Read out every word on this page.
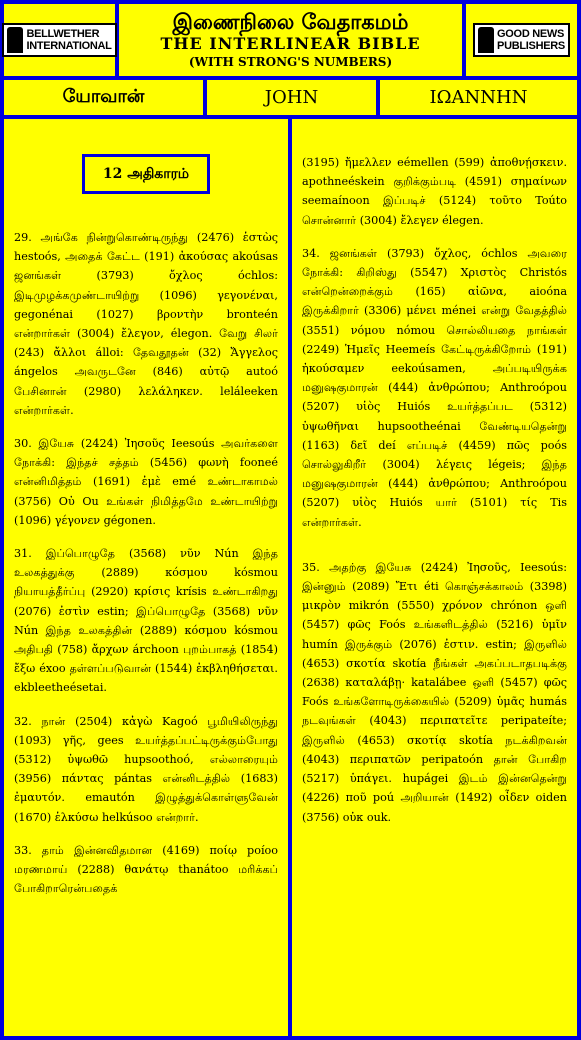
BELLWETHER
INTERNATIONAL
இணைநிலை வேதாகமம்
THE INTERLINEAR BIBLE
(WITH STRONG'S NUMBERS)
GOOD NEWS
PUBLISHERS
யோவான்	JOHN	ΙΩΑΝΝΗΝ
12 அதிகாரம்

29. அங்கே நின்றுகொண்டிருந்து (2476) ἑστὼς hestoós, அதைக் கேட்ட (191) ἀκούσας akoúsas ஜனங்கள் (3793) ὄχλος óchlos: இடிமுழக்கமுண்டாயிற்று (1096) γεγονέναι, gegonénai (1027) βροντὴν bronteén என்றார்கள் (3004) ἔλεγον, élegon. வேறு சிலர் (243) ἄλλοι álloi: தேவதூதன் (32) Ἄγγελος ángelos அவருடனே (846) αὐτῷ autoó பேசினான் (2980) λελάληκεν. leláleeken என்றார்கள்.

30. இயேசு (2424) Ἰησοῦς Ieesoús அவர்களை நோக்கி: இந்தச் சத்தம் (5456) φωνὴ fooneé என்னிமித்தம் (1691) ἐμὲ emé உண்டாகாமல் (3756) Οὐ Ou உங்கள் நிமித்தமே உண்டாயிற்று (1096) γέγονεν gégonen.

31. இப்பொழுதே (3568) νῦν Nún இந்த உலகத்துக்கு (2889) κόσμου kósmou நியாயத்தீர்ப்பு (2920) κρίσις krísis உண்டாகிறது (2076) ἐστὶν estin; இப்பொழுதே (3568) νῦν Nún இந்த உலகத்தின் (2889) κόσμου kósmou அதிபதி (758) ἄρχων árchoon புறம்பாகத் (1854) ἔξω éxoo தள்ளப்படுவான் (1544) ἐκβληθήσεται. ekbleetheésetai.

32. நான் (2504) κἀγὼ Kagoó பூமியிலிருந்து (1093) γῆς, gees உயர்த்தப்பட்டிருக்கும்போது (5312) ὑψωθῶ hupsoothoó, எல்லாரையும் (3956) πάντας pántas என்னிடத்தில் (1683) ἐμαυτόν. emautón இழுத்துக்கொள்ளுவேன் (1670) ἑλκύσω helkúsoo என்றார்.

33. தாம் இன்னவிதமான (4169) ποίῳ poíoo மரணமாய் (2288) θανάτῳ thanátoo மரிக்கப் போகிறாரென்பதைக்

(3195) ἤμελλεν eémellen (599) ἀποθνῄσκειν. apothneéskein குறிக்கும்படி (4591) σημαίνων seemaínoon இப்படிச் (5124) τοῦτο Toúto சொன்னார் (3004) ἔλεγεν élegen.

34. ஜனங்கள் (3793) ὄχλος, óchlos அவரை நோக்கி: கிறிஸ்து (5547) Χριστὸς Christós என்றென்றைக்கும் (165) αἰῶνα, aioóna இருக்கிறார் (3306) μένει ménei என்று வேதத்தில் (3551) νόμου nómou சொல்லியதை நாங்கள் (2249) Ἡμεῖς Heemeís கேட்டிருக்கிறோம் (191) ἠκούσαμεν eekoúsamen, அப்படியிருக்க மனுஷகுமாரன் (444) ἀνθρώπου; Anthroópou (5207) υἱὸς Huiós உயர்த்தப்பட (5312) ὑψωθῆναι hupsootheénai வேண்டியதென்று (1163) δεῖ deí எப்படிச் (4459) πῶς poós சொல்லுகிறீர் (3004) λέγεις légeis; இந்த மனுஷகுமாரன் (444) ἀνθρώπου; Anthroópou (5207) υἱὸς Huiós யார் (5101) τίς Tis என்றார்கள்.

35. அதற்கு இயேசு (2424) Ἰησοῦς, Ieesoús: இன்னும் (2089) Ἔτι éti கொஞ்சக்காலம் (3398) μικρὸν mikrón (5550) χρόνον chrónon ஒளி (5457) φῶς Foós உங்களிடத்தில் (5216) ὑμῖν humín இருக்கும் (2076) ἐστιν. estin; இருளில் (4653) σκοτία skotía நீங்கள் அகப்படாதபடிக்கு (2638) καταλάβῃ· katalábee ஒளி (5457) φῶς Foós உங்களோடிருக்கையில் (5209) ὑμᾶς humás நடவுங்கள் (4043) περιπατεῖτε peripateíte; இருளில் (4653) σκοτίᾳ skotía நடக்கிறவன் (4043) περιπατῶν peripatoón தான் போகிற (5217) ὑπάγει. hupágei இடம் இன்னதென்று (4226) ποῦ poú அறியான் (1492) οἶδεν oiden (3756) οὐκ ouk.
